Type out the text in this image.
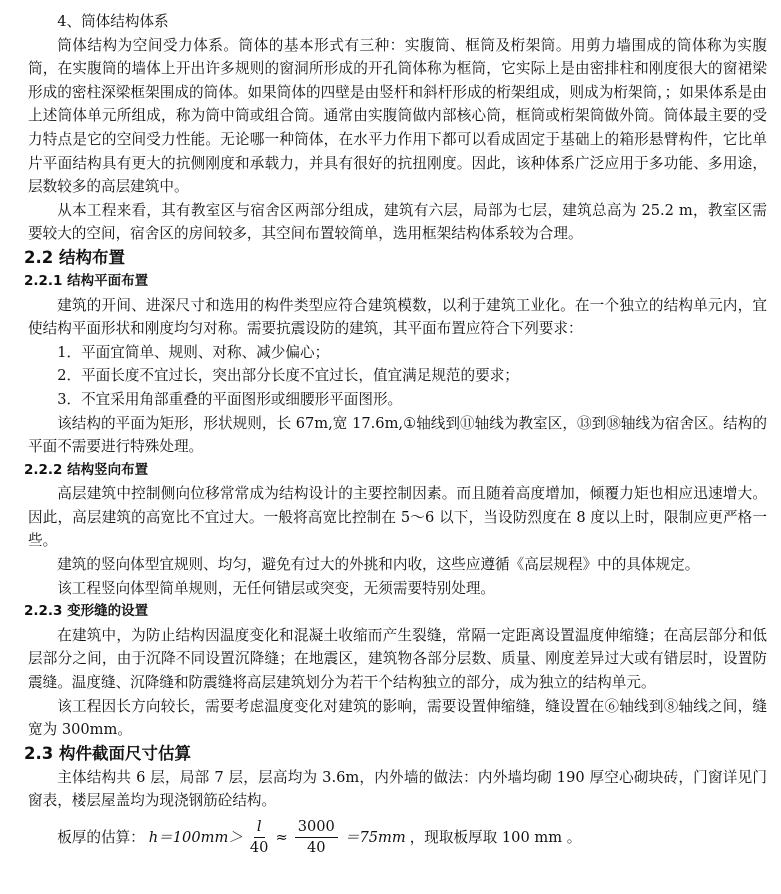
4、筒体结构体系

筒体结构为空间受力体系。筒体的基本形式有三种：实腹筒、框筒及桁架筒。用剪力墙围成的筒体称为实腹筒，在实腹筒的墙体上开出许多规则的窗洞所形成的开孔筒体称为框筒，它实际上是由密排柱和刚度很大的窗裙梁形成的密柱深梁框架围成的筒体。如果筒体的四壁是由竖杆和斜杆形成的桁架组成，则成为桁架筒，；如果体系是由上述筒体单元所组成，称为筒中筒或组合筒。通常由实腹筒做内部核心筒，框筒或桁架筒做外筒。筒体最主要的受力特点是它的空间受力性能。无论哪一种筒体，在水平力作用下都可以看成固定于基础上的箱形悬臂构件，它比单片平面结构具有更大的抗侧刚度和承载力，并具有很好的抗扭刚度。因此，该种体系广泛应用于多功能、多用途，层数较多的高层建筑中。

从本工程来看，其有教室区与宿舍区两部分组成，建筑有六层，局部为七层，建筑总高为 25.2 m，教室区需要较大的空间，宿舍区的房间较多，其空间布置较简单，选用框架结构体系较为合理。

2.2 结构布置
2.2.1 结构平面布置

建筑的开间、进深尺寸和选用的构件类型应符合建筑模数，以利于建筑工业化。在一个独立的结构单元内，宜使结构平面形状和刚度均匀对称。需要抗震设防的建筑，其平面布置应符合下列要求：

1．平面宜简单、规则、对称、减少偏心；

2．平面长度不宜过长，突出部分长度不宜过长，值宜满足规范的要求；

3．不宜采用角部重叠的平面图形或细腰形平面图形。

该结构的平面为矩形，形状规则，长 67m,宽 17.6m,①轴线到⑪轴线为教室区，⑬到⑱轴线为宿舍区。结构的平面不需要进行特殊处理。

2.2.2 结构竖向布置

高层建筑中控制侧向位移常常成为结构设计的主要控制因素。而且随着高度增加，倾覆力矩也相应迅速增大。因此，高层建筑的高宽比不宜过大。一般将高宽比控制在 5～6 以下，当设防烈度在 8 度以上时，限制应更严格一些。

建筑的竖向体型宜规则、均匀，避免有过大的外挑和内收，这些应遵循《高层规程》中的具体规定。

该工程竖向体型简单规则，无任何错层或突变，无须需要特别处理。

2.2.3 变形缝的设置

在建筑中，为防止结构因温度变化和混凝土收缩而产生裂缝，常隔一定距离设置温度伸缩缝；在高层部分和低层部分之间，由于沉降不同设置沉降缝；在地震区，建筑物各部分层数、质量、刚度差异过大或有错层时，设置防震缝。温度缝、沉降缝和防震缝将高层建筑划分为若干个结构独立的部分，成为独立的结构单元。

该工程因长方向较长，需要考虑温度变化对建筑的影响，需要设置伸缩缝，缝设置在⑥轴线到⑧轴线之间，缝宽为 300mm。

2.3 构件截面尺寸估算

主体结构共 6 层，局部 7 层，层高均为 3.6m，内外墙的做法：内外墙均砌 190 厚空心砌块砖，门窗详见门窗表，楼层屋盖均为现浇钢筋砼结构。

板厚的估算： $h=100mm> \frac{l}{40} \approx \frac{3000}{40} =75mm$ ，现取板厚取 100 mm 。
